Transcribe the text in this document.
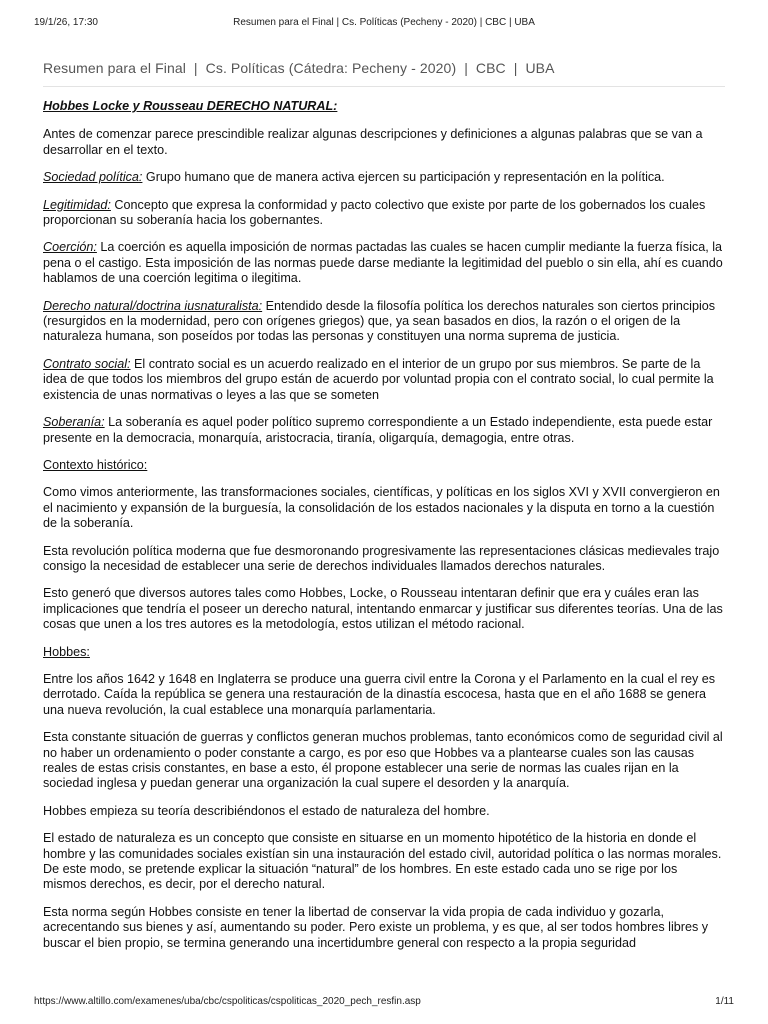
19/1/26, 17:30	Resumen para el Final | Cs. Políticas (Pecheny - 2020) | CBC | UBA
Resumen para el Final  |  Cs. Políticas (Cátedra: Pecheny - 2020)  |  CBC  |  UBA

Hobbes Locke y Rousseau DERECHO NATURAL:

Antes de comenzar parece prescindible realizar algunas descripciones y definiciones a algunas palabras que se van a desarrollar en el texto.

Sociedad política: Grupo humano que de manera activa ejercen su participación y representación en la política.

Legitimidad: Concepto que expresa la conformidad y pacto colectivo que existe por parte de los gobernados los cuales proporcionan su soberanía hacia los gobernantes.

Coerción: La coerción es aquella imposición de normas pactadas las cuales se hacen cumplir mediante la fuerza física, la pena o el castigo. Esta imposición de las normas puede darse mediante la legitimidad del pueblo o sin ella, ahí es cuando hablamos de una coerción legitima o ilegitima.

Derecho natural/doctrina iusnaturalista: Entendido desde la filosofía política los derechos naturales son ciertos principios (resurgidos en la modernidad, pero con orígenes griegos) que, ya sean basados en dios, la razón o el origen de la naturaleza humana, son poseídos por todas las personas y constituyen una norma suprema de justicia.

Contrato social: El contrato social es un acuerdo realizado en el interior de un grupo por sus miembros. Se parte de la idea de que todos los miembros del grupo están de acuerdo por voluntad propia con el contrato social, lo cual permite la existencia de unas normativas o leyes a las que se someten

Soberanía: La soberanía es aquel poder político supremo correspondiente a un Estado independiente, esta puede estar presente en la democracia, monarquía, aristocracia, tiranía, oligarquía, demagogia, entre otras.

Contexto histórico:

Como vimos anteriormente, las transformaciones sociales, científicas, y políticas en los siglos XVI y XVII convergieron en el nacimiento y expansión de la burguesía, la consolidación de los estados nacionales y la disputa en torno a la cuestión de la soberanía.

Esta revolución política moderna que fue desmoronando progresivamente las representaciones clásicas medievales trajo consigo la necesidad de establecer una serie de derechos individuales llamados derechos naturales.

Esto generó que diversos autores tales como Hobbes, Locke, o Rousseau intentaran definir que era y cuáles eran las implicaciones que tendría el poseer un derecho natural, intentando enmarcar y justificar sus diferentes teorías. Una de las cosas que unen a los tres autores es la metodología, estos utilizan el método racional.

Hobbes:

Entre los años 1642 y 1648 en Inglaterra se produce una guerra civil entre la Corona y el Parlamento en la cual el rey es derrotado. Caída la república se genera una restauración de la dinastía escocesa, hasta que en el año 1688 se genera una nueva revolución, la cual establece una monarquía parlamentaria.

Esta constante situación de guerras y conflictos generan muchos problemas, tanto económicos como de seguridad civil al no haber un ordenamiento o poder constante a cargo, es por eso que Hobbes va a plantearse cuales son las causas reales de estas crisis constantes, en base a esto, él propone establecer una serie de normas las cuales rijan en la sociedad inglesa y puedan generar una organización la cual supere el desorden y la anarquía.

Hobbes empieza su teoría describiéndonos el estado de naturaleza del hombre.

El estado de naturaleza es un concepto que consiste en situarse en un momento hipotético de la historia en donde el hombre y las comunidades sociales existían sin una instauración del estado civil, autoridad política o las normas morales. De este modo, se pretende explicar la situación “natural” de los hombres. En este estado cada uno se rige por los mismos derechos, es decir, por el derecho natural.

Esta norma según Hobbes consiste en tener la libertad de conservar la vida propia de cada individuo y gozarla, acrecentando sus bienes y así, aumentando su poder. Pero existe un problema, y es que, al ser todos hombres libres y buscar el bien propio, se termina generando una incertidumbre general con respecto a la propia seguridad

https://www.altillo.com/examenes/uba/cbc/cspoliticas/cspoliticas_2020_pech_resfin.asp	1/11
